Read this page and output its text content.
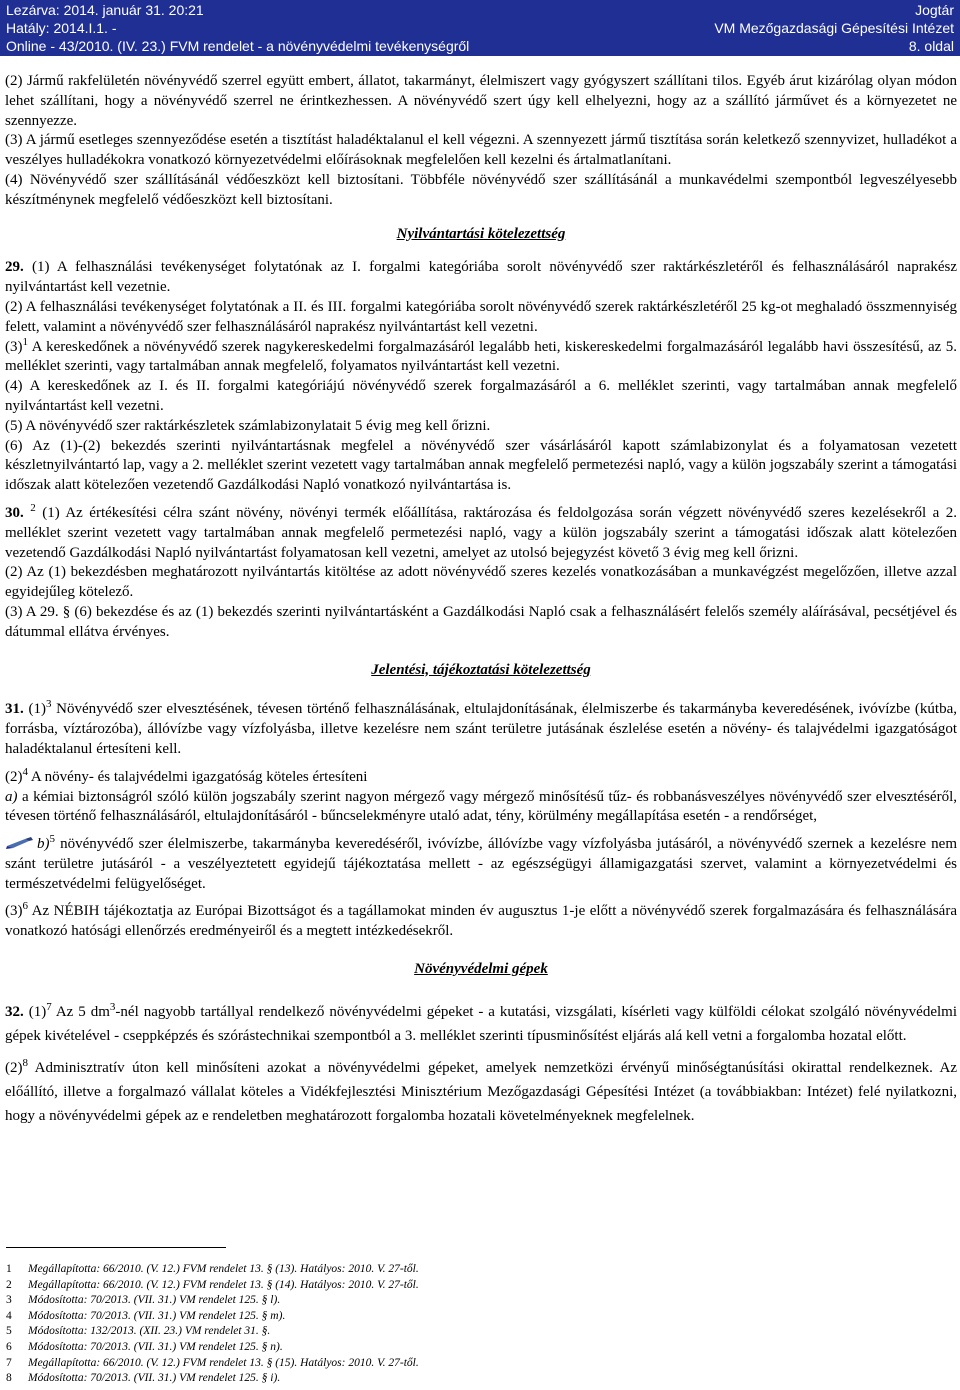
Lezárva: 2014. január 31. 20:21
Hatály: 2014.I.1. -
Online - 43/2010. (IV. 23.) FVM rendelet - a növényvédelmi tevékenységről
Jogtár
VM Mezőgazdasági Gépesítési Intézet
8. oldal

(2) Jármű rakfelületén növényvédő szerrel együtt embert, állatot, takarmányt, élelmiszert vagy gyógyszert szállítani tilos. Egyéb árut kizárólag olyan módon lehet szállítani, hogy a növényvédő szerrel ne érintkezhessen. A növényvédő szert úgy kell elhelyezni, hogy az a szállító járművet és a környezetet ne szennyezze.

(3) A jármű esetleges szennyeződése esetén a tisztítást haladéktalanul el kell végezni. A szennyezett jármű tisztítása során keletkező szennyvizet, hulladékot a veszélyes hulladékokra vonatkozó környezetvédelmi előírásoknak megfelelően kell kezelni és ártalmatlanítani.

(4) Növényvédő szer szállításánál védőeszközt kell biztosítani. Többféle növényvédő szer szállításánál a munkavédelmi szempontból legveszélyesebb készítménynek megfelelő védőeszközt kell biztosítani.

Nyilvántartási kötelezettség

29. (1) A felhasználási tevékenységet folytatónak az I. forgalmi kategóriába sorolt növényvédő szer raktárkészletéről és felhasználásáról naprakész nyilvántartást kell vezetnie.

(2) A felhasználási tevékenységet folytatónak a II. és III. forgalmi kategóriába sorolt növényvédő szerek raktárkészletéről 25 kg-ot meghaladó összmennyiség felett, valamint a növényvédő szer felhasználásáról naprakész nyilvántartást kell vezetni.

$(3)^1$ A kereskedőnek a növényvédő szerek nagykereskedelmi forgalmazásáról legalább heti, kiskereskedelmi forgalmazásáról legalább havi összesítésű, az 5. melléklet szerinti, vagy tartalmában annak megfelelő, folyamatos nyilvántartást kell vezetni.

(4) A kereskedőnek az I. és II. forgalmi kategóriájú növényvédő szerek forgalmazásáról a 6. melléklet szerinti, vagy tartalmában annak megfelelő nyilvántartást kell vezetni.

(5) A növényvédő szer raktárkészletek számlabizonylatait 5 évig meg kell őrizni.

(6) Az (1)-(2) bekezdés szerinti nyilvántartásnak megfelel a növényvédő szer vásárlásáról kapott számlabizonylat és a folyamatosan vezetett készletnyilvántartó lap, vagy a 2. melléklet szerint vezetett vagy tartalmában annak megfelelő permetezési napló, vagy a külön jogszabály szerint a támogatási időszak alatt kötelezően vezetendő Gazdálkodási Napló vonatkozó nyilvántartása is.

30. $^2$ (1) Az értékesítési célra szánt növény, növényi termék előállítása, raktározása és feldolgozása során végzett növényvédő szeres kezelésekről a 2. melléklet szerint vezetett vagy tartalmában annak megfelelő permetezési napló, vagy a külön jogszabály szerint a támogatási időszak alatt kötelezően vezetendő Gazdálkodási Napló nyilvántartást folyamatosan kell vezetni, amelyet az utolsó bejegyzést követő 3 évig meg kell őrizni.

(2) Az (1) bekezdésben meghatározott nyilvántartás kitöltése az adott növényvédő szeres kezelés vonatkozásában a munkavégzést megelőzően, illetve azzal egyidejűleg kötelező.

(3) A 29. § (6) bekezdése és az (1) bekezdés szerinti nyilvántartásként a Gazdálkodási Napló csak a felhasználásért felelős személy aláírásával, pecsétjével és dátummal ellátva érvényes.

Jelentési, tájékoztatási kötelezettség

31. $(1)^3$ Növényvédő szer elvesztésének, tévesen történő felhasználásának, eltulajdonításának, élelmiszerbe és takarmányba keveredésének, ivóvízbe (kútba, forrásba, víztározóba), állóvízbe vagy vízfolyásba, illetve kezelésre nem szánt területre jutásának észlelése esetén a növény- és talajvédelmi igazgatóságot haladéktalanul értesíteni kell.

$(2)^4$ A növény- és talajvédelmi igazgatóság köteles értesíteni

a) a kémiai biztonságról szóló külön jogszabály szerint nagyon mérgező vagy mérgező minősítésű tűz- és robbanásveszélyes növényvédő szer elvesztéséről, tévesen történő felhasználásáról, eltulajdonításáról - bűncselekményre utaló adat, tény, körülmény megállapítása esetén - a rendőrséget,

b)$^5$ növényvédő szer élelmiszerbe, takarmányba keveredéséről, ivóvízbe, állóvízbe vagy vízfolyásba jutásáról, a növényvédő szernek a kezelésre nem szánt területre jutásáról - a veszélyeztetett egyidejű tájékoztatása mellett - az egészségügyi államigazgatási szervet, valamint a környezetvédelmi és természetvédelmi felügyelőséget.

$(3)^6$ Az NÉBIH tájékoztatja az Európai Bizottságot és a tagállamokat minden év augusztus 1-je előtt a növényvédő szerek forgalmazására és felhasználására vonatkozó hatósági ellenőrzés eredményeiről és a megtett intézkedésekről.

Növényvédelmi gépek

32. $(1)^7$ Az 5 $dm^3$-nél nagyobb tartállyal rendelkező növényvédelmi gépeket - a kutatási, vizsgálati, kísérleti vagy külföldi célokat szolgáló növényvédelmi gépek kivételével - cseppképzés és szórástechnikai szempontból a 3. melléklet szerinti típusminősítést eljárás alá kell vetni a forgalomba hozatal előtt.

$(2)^8$ Adminisztratív úton kell minősíteni azokat a növényvédelmi gépeket, amelyek nemzetközi érvényű minőségtanúsítási okirattal rendelkeznek. Az előállító, illetve a forgalmazó vállalat köteles a Vidékfejlesztési Minisztérium Mezőgazdasági Gépesítési Intézet (a továbbiakban: Intézet) felé nyilatkozni, hogy a növényvédelmi gépek az e rendeletben meghatározott forgalomba hozatali követelményeknek megfelelnek.

1 Megállapította: 66/2010. (V. 12.) FVM rendelet 13. § (13). Hatályos: 2010. V. 27-től.
2 Megállapította: 66/2010. (V. 12.) FVM rendelet 13. § (14). Hatályos: 2010. V. 27-től.
3 Módosította: 70/2013. (VII. 31.) VM rendelet 125. § l).
4 Módosította: 70/2013. (VII. 31.) VM rendelet 125. § m).
5 Módosította: 132/2013. (XII. 23.) VM rendelet 31. §.
6 Módosította: 70/2013. (VII. 31.) VM rendelet 125. § n).
7 Megállapította: 66/2010. (V. 12.) FVM rendelet 13. § (15). Hatályos: 2010. V. 27-től.
8 Módosította: 70/2013. (VII. 31.) VM rendelet 125. § i).
